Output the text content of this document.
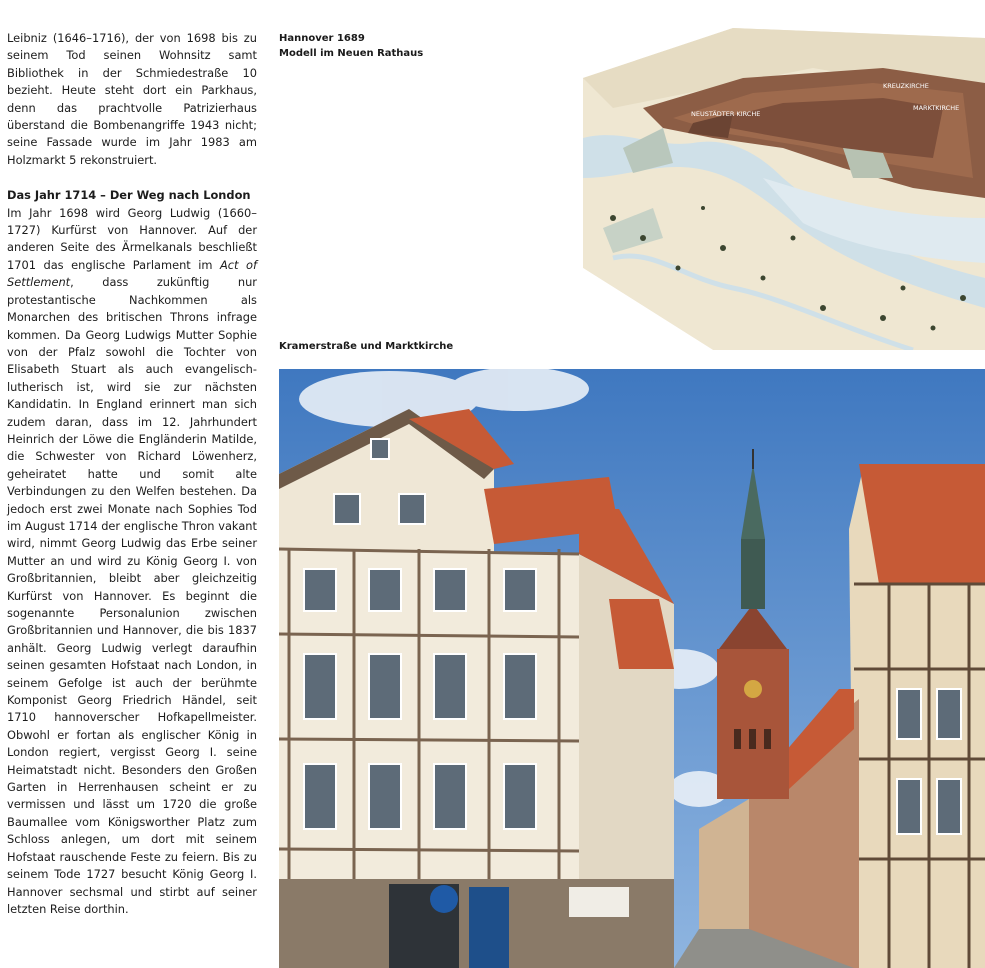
Leibniz (1646–1716), der von 1698 bis zu seinem Tod seinen Wohnsitz samt Bibliothek in der Schmiedestraße 10 bezieht. Heute steht dort ein Parkhaus, denn das prachtvolle Patrizierhaus überstand die Bombenangriffe 1943 nicht; seine Fassade wurde im Jahr 1983 am Holzmarkt 5 rekonstruiert.

Das Jahr 1714 – Der Weg nach London

Im Jahr 1698 wird Georg Ludwig (1660–1727) Kurfürst von Hannover. Auf der anderen Seite des Ärmelkanals beschließt 1701 das englische Parlament im Act of Settlement, dass zukünftig nur protestantische Nachkommen als Monarchen des britischen Throns infrage kommen. Da Georg Ludwigs Mutter Sophie von der Pfalz sowohl die Tochter von Elisabeth Stuart als auch evangelisch-lutherisch ist, wird sie zur nächsten Kandidatin. In England erinnert man sich zudem daran, dass im 12. Jahrhundert Heinrich der Löwe die Engländerin Matilde, die Schwester von Richard Löwenherz, geheiratet hatte und somit alte Verbindungen zu den Welfen bestehen. Da jedoch erst zwei Monate nach Sophies Tod im August 1714 der englische Thron vakant wird, nimmt Georg Ludwig das Erbe seiner Mutter an und wird zu König Georg I. von Großbritannien, bleibt aber gleichzeitig Kurfürst von Hannover. Es beginnt die sogenannte Personalunion zwischen Großbritannien und Hannover, die bis 1837 anhält. Georg Ludwig verlegt daraufhin seinen gesamten Hofstaat nach London, in seinem Gefolge ist auch der berühmte Komponist Georg Friedrich Händel, seit 1710 hannoverscher Hofkapellmeister. Obwohl er fortan als englischer König in London regiert, vergisst Georg I. seine Heimatstadt nicht. Besonders den Großen Garten in Herrenhausen scheint er zu vermissen und lässt um 1720 die große Baumallee vom Königsworther Platz zum Schloss anlegen, um dort mit seinem Hofstaat rauschende Feste zu feiern. Bis zu seinem Tode 1727 besucht König Georg I. Hannover sechsmal und stirbt auf seiner letzten Reise dorthin.

Hannover 1689
Modell im Neuen Rathaus
Kramerstraße und Marktkirche
NEUSTÄDTER KIRCHE
KREUZKIRCHE
MARKTKIRCHE
